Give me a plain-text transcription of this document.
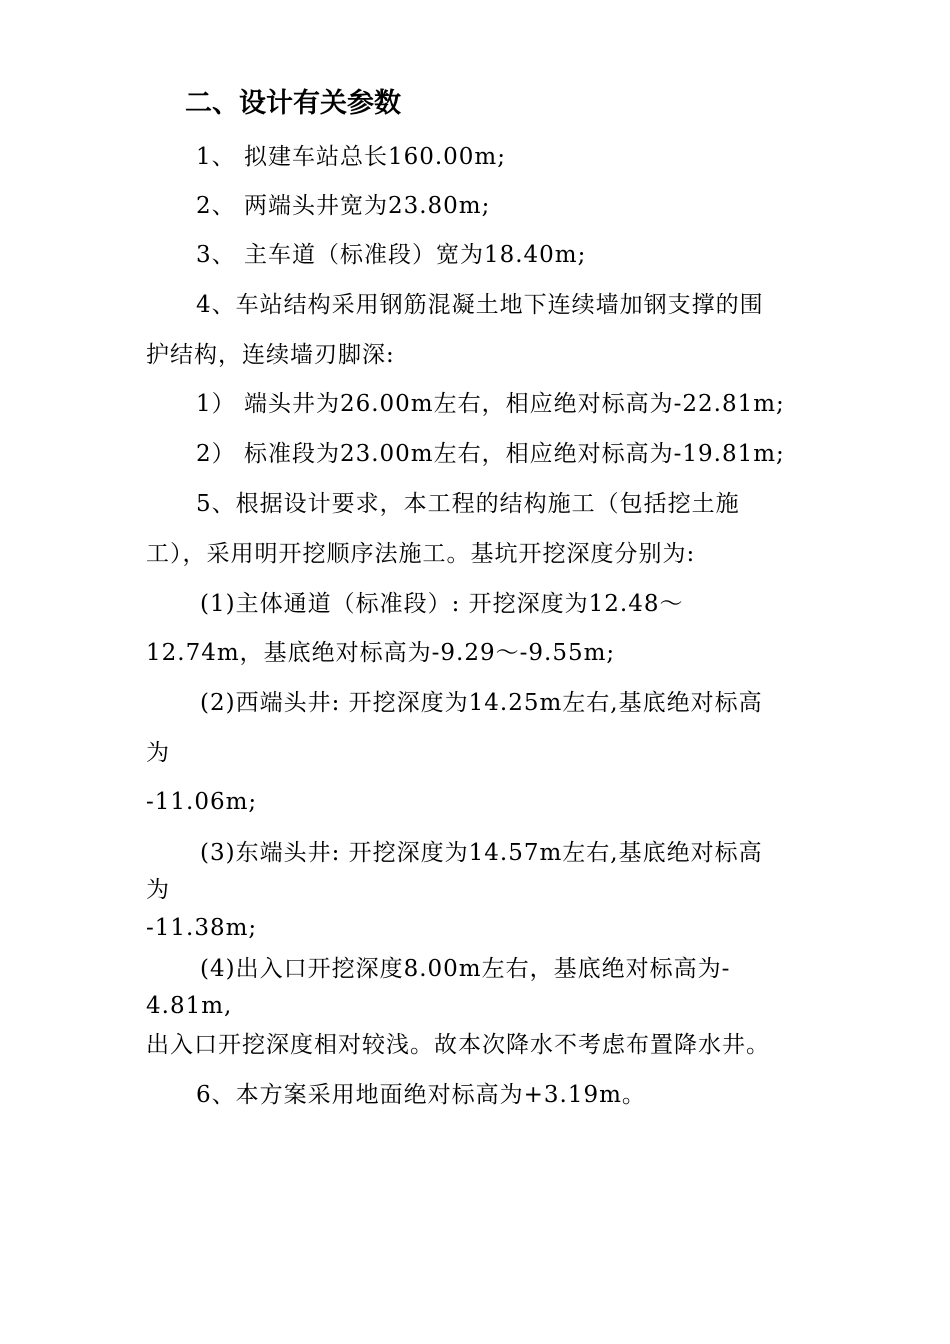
二、设计有关参数
1、 拟建车站总长160.00m;
2、 两端头井宽为23.80m;
3、 主车道（标准段）宽为18.40m;
4、车站结构采用钢筋混凝土地下连续墙加钢支撑的围
护结构，连续墙刃脚深:
1） 端头井为26.00m左右，相应绝对标高为-22.81m;
2） 标准段为23.00m左右，相应绝对标高为-19.81m;
5、根据设计要求，本工程的结构施工（包括挖土施
工），采用明开挖顺序法施工。基坑开挖深度分别为:
(1)主体通道（标准段）: 开挖深度为12.48～
12.74m，基底绝对标高为-9.29～-9.55m;
(2)西端头井: 开挖深度为14.25m左右,基底绝对标高
为
-11.06m;
(3)东端头井: 开挖深度为14.57m左右,基底绝对标高
为
-11.38m;
(4)出入口开挖深度8.00m左右，基底绝对标高为-
4.81m,
出入口开挖深度相对较浅。故本次降水不考虑布置降水井。
6、本方案采用地面绝对标高为+3.19m。
